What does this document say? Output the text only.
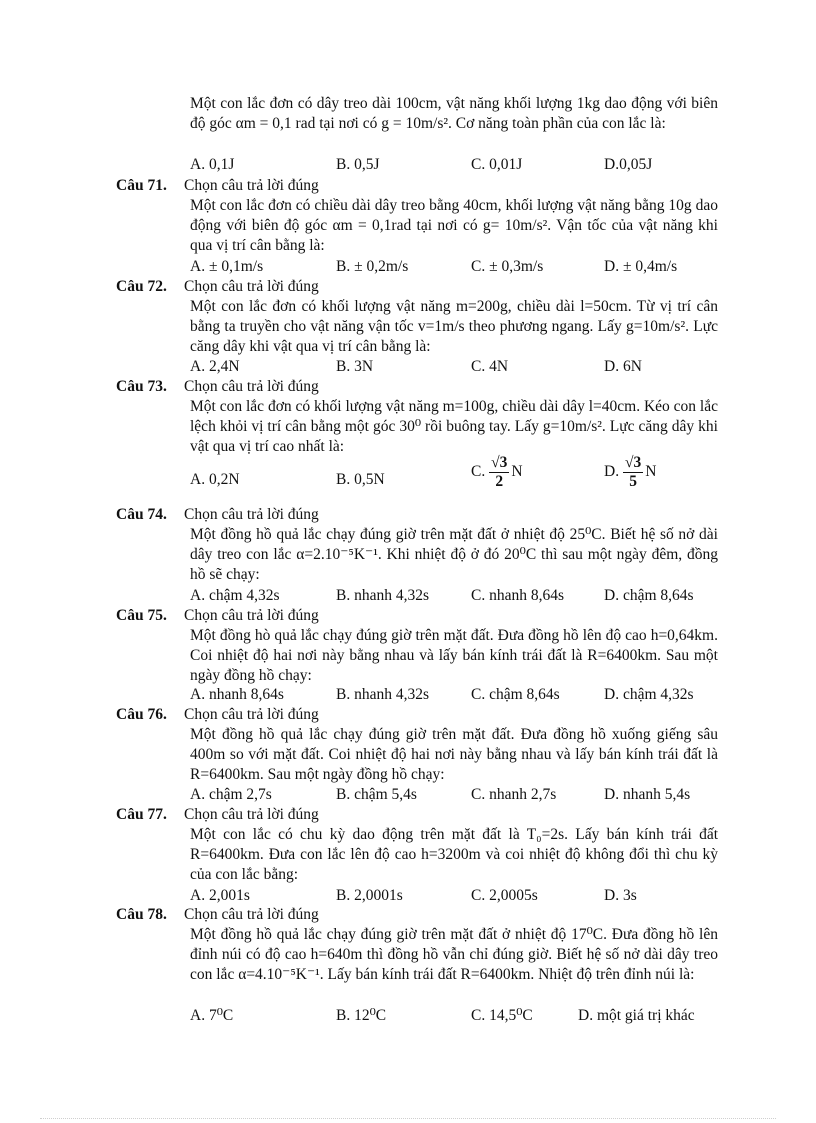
Một con lắc đơn có dây treo dài 100cm, vật năng khối lượng 1kg dao động với biên độ góc αm = 0,1 rad tại nơi có g = 10m/s². Cơ năng toàn phần của con lắc là:
A. 0,1J	B. 0,5J	C. 0,01J	D.0,05J
Câu 71. Chọn câu trả lời đúng
Một con lắc đơn có chiều dài dây treo bằng 40cm, khối lượng vật năng bằng 10g dao động với biên độ góc αm = 0,1rad tại nơi có g= 10m/s². Vận tốc của vật năng khi qua vị trí cân bằng là:
A. ± 0,1m/s	B. ± 0,2m/s	C. ± 0,3m/s	D. ± 0,4m/s
Câu 72. Chọn câu trả lời đúng
Một con lắc đơn có khối lượng vật năng m=200g, chiều dài l=50cm. Từ vị trí cân bằng ta truyền cho vật năng vận tốc v=1m/s theo phương ngang. Lấy g=10m/s². Lực căng dây khi vật qua vị trí cân bằng là:
A. 2,4N	B. 3N	C. 4N	D. 6N
Câu 73. Chọn câu trả lời đúng
Một con lắc đơn có khối lượng vật năng m=100g, chiều dài dây l=40cm. Kéo con lắc lệch khỏi vị trí cân bằng một góc 30⁰ rồi buông tay. Lấy g=10m/s². Lực căng dây khi vật qua vị trí cao nhất là:
A. 0,2N	B. 0,5N	C. $\frac{√3}{2}$ N	D. $\frac{√3}{5}$ N
Câu 74. Chọn câu trả lời đúng
Một đồng hồ quả lắc chạy đúng giờ trên mặt đất ở nhiệt độ 25⁰C. Biết hệ số nở dài dây treo con lắc α=2.10⁻⁵K⁻¹. Khi nhiệt độ ở đó 20⁰C thì sau một ngày đêm, đồng hồ sẽ chạy:
A. chậm 4,32s	B. nhanh 4,32s	C. nhanh 8,64s	D. chậm 8,64s
Câu 75. Chọn câu trả lời đúng
Một đồng hò quả lắc chạy đúng giờ trên mặt đất. Đưa đồng hồ lên độ cao h=0,64km. Coi nhiệt độ hai nơi này bằng nhau và lấy bán kính trái đất là R=6400km. Sau một ngày đồng hồ chạy:
A. nhanh 8,64s	B. nhanh 4,32s	C. chậm 8,64s	D. chậm 4,32s
Câu 76. Chọn câu trả lời đúng
Một đồng hồ quả lắc chạy đúng giờ trên mặt đất. Đưa đồng hồ xuống giếng sâu 400m so với mặt đất. Coi nhiệt độ hai nơi này bằng nhau và lấy bán kính trái đất là R=6400km. Sau một ngày đồng hồ chạy:
A. chậm 2,7s	B. chậm 5,4s	C. nhanh 2,7s	D. nhanh 5,4s
Câu 77. Chọn câu trả lời đúng
Một con lắc có chu kỳ dao động trên mặt đất là T₀=2s. Lấy bán kính trái đất R=6400km. Đưa con lắc lên độ cao h=3200m và coi nhiệt độ không đổi thì chu kỳ của con lắc bằng:
A. 2,001s	B. 2,0001s	C. 2,0005s	D. 3s
Câu 78. Chọn câu trả lời đúng
Một đồng hồ quả lắc chạy đúng giờ trên mặt đất ở nhiệt độ 17⁰C. Đưa đồng hồ lên đỉnh núi có độ cao h=640m thì đồng hồ vẫn chỉ đúng giờ. Biết hệ số nở dài dây treo con lắc α=4.10⁻⁵K⁻¹. Lấy bán kính trái đất R=6400km. Nhiệt độ trên đỉnh núi là:
A. 7⁰C	B. 12⁰C	C. 14,5⁰C	D. một giá trị khác
